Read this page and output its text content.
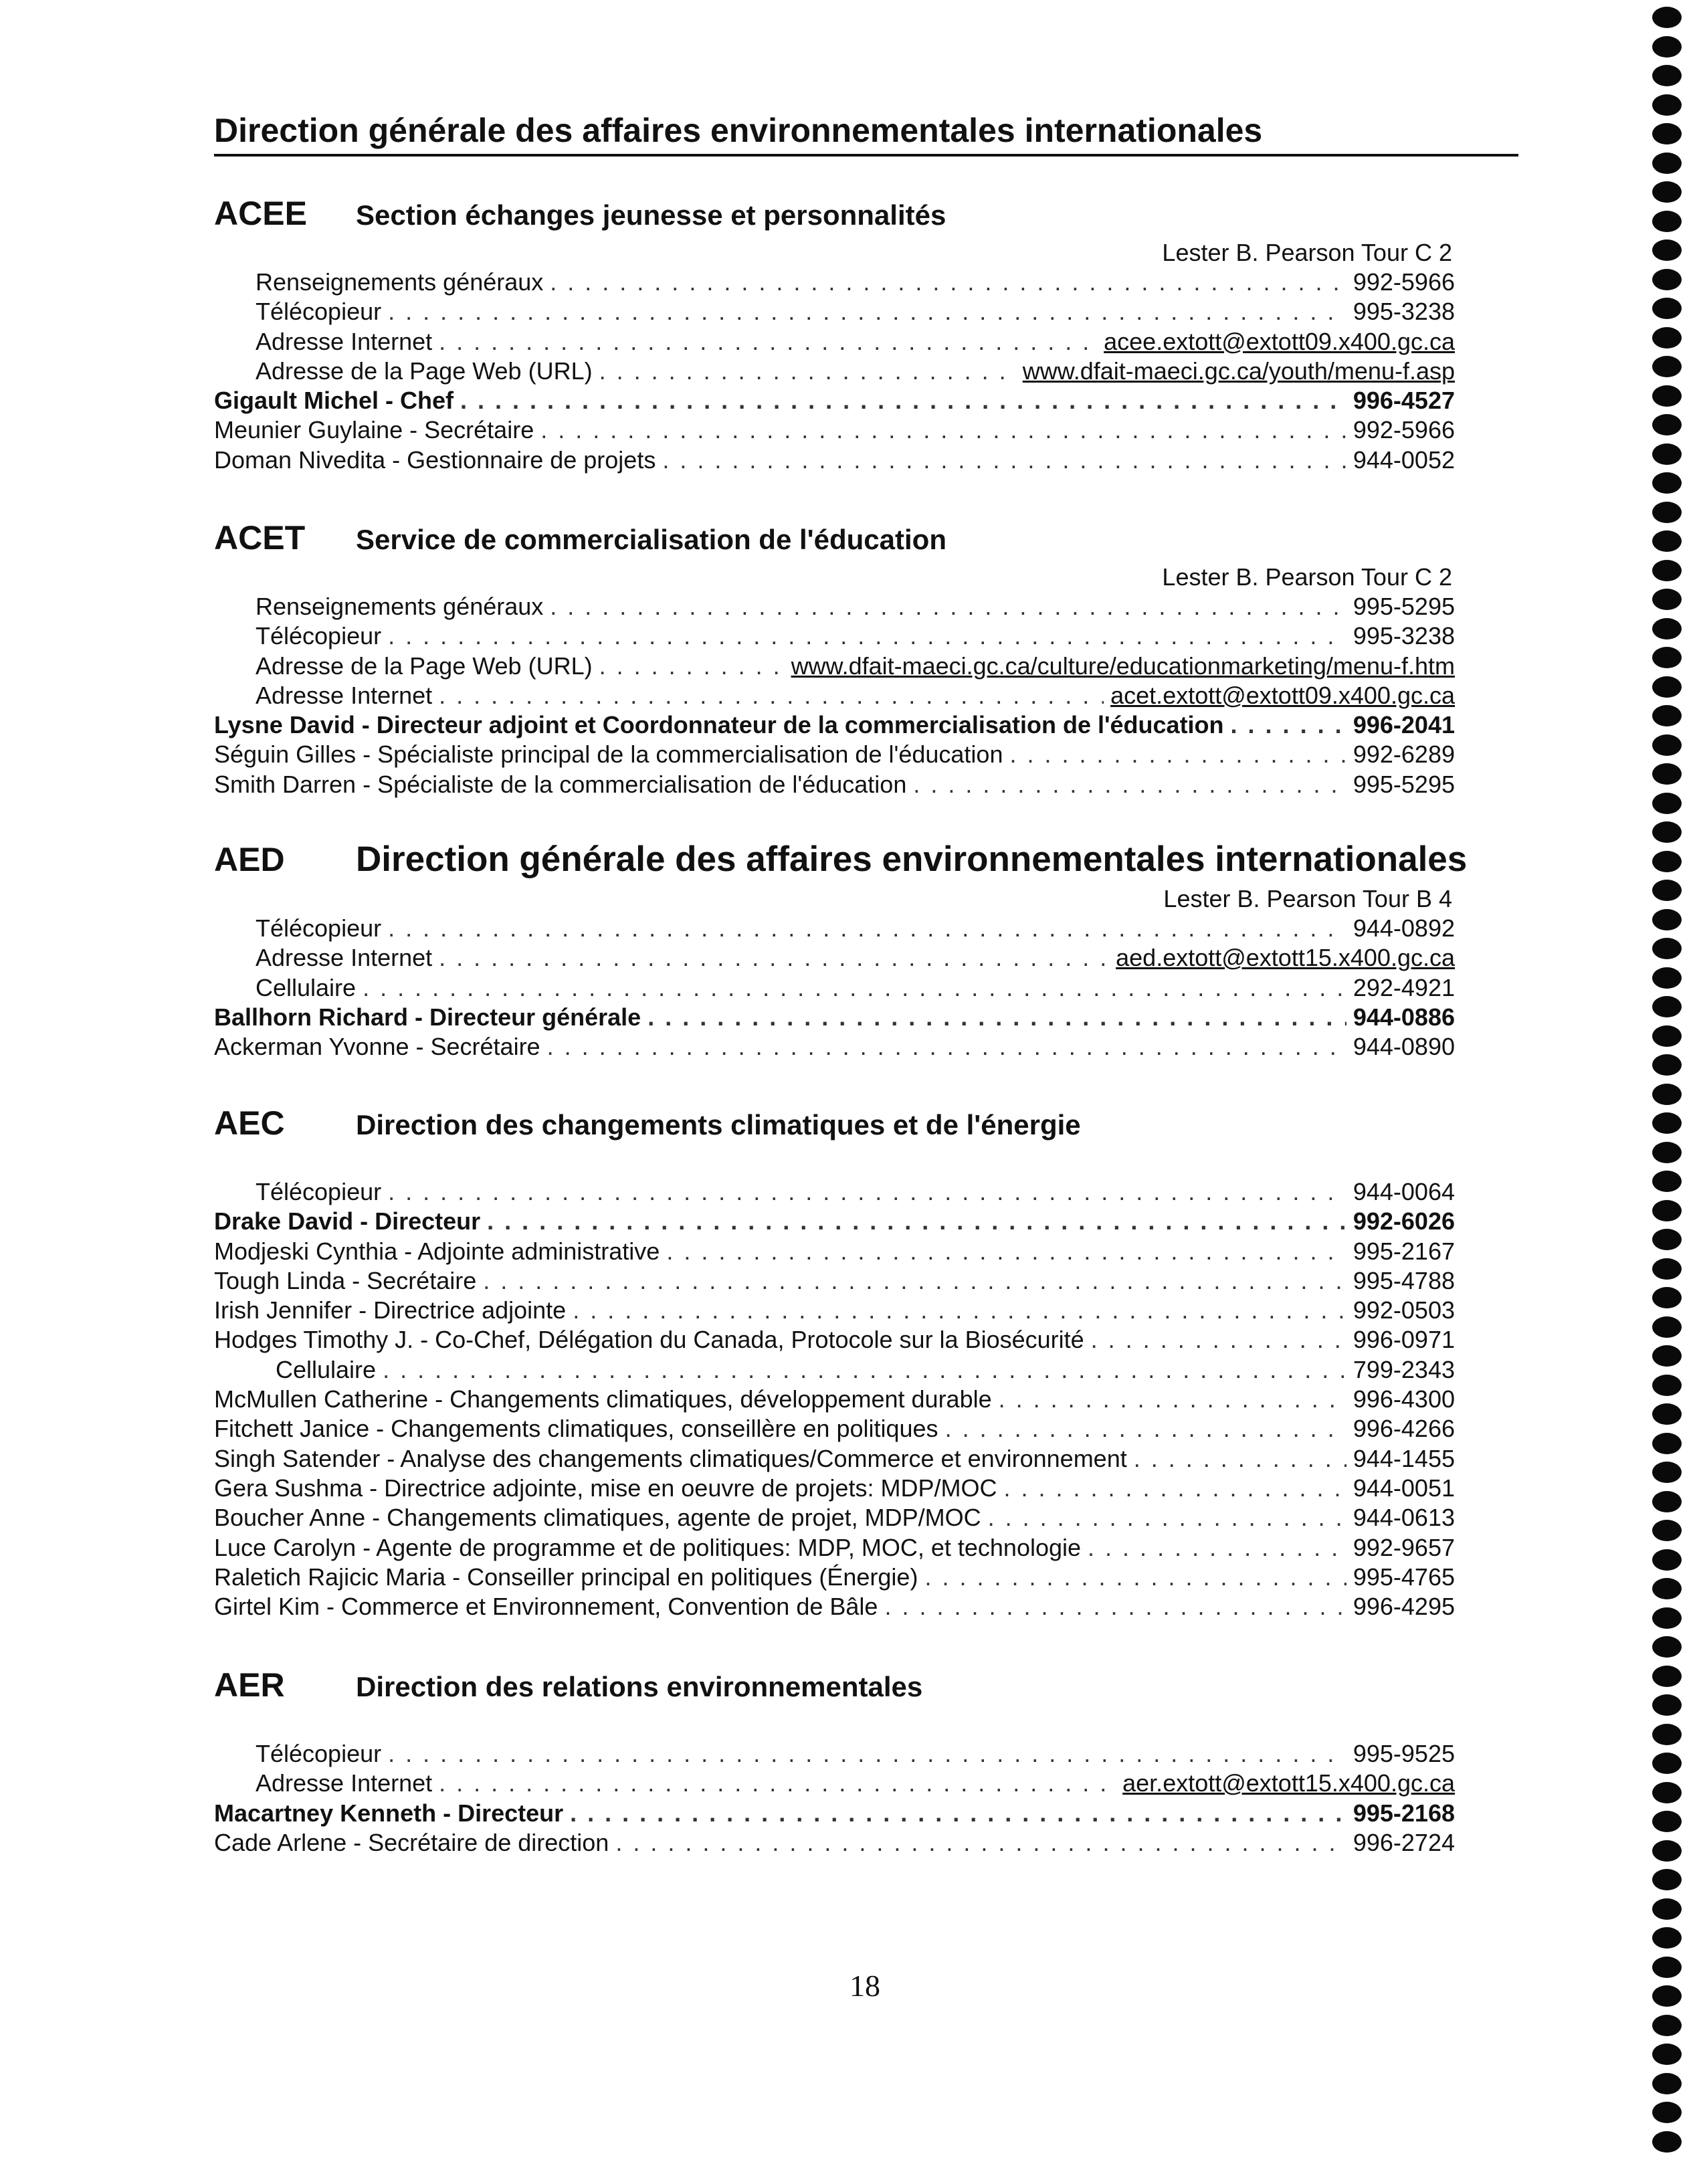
Direction générale des affaires environnementales internationales
ACEE Section échanges jeunesse et personnalités
Lester B. Pearson Tour C 2
Renseignements généraux . . .	992-5966
Télécopieur . . .	995-3238
Adresse Internet . . .	acee.extott@extott09.x400.gc.ca
Adresse de la Page Web (URL) . . .	www.dfait-maeci.gc.ca/youth/menu-f.asp
Gigault Michel - Chef . . .	996-4527
Meunier Guylaine - Secrétaire . . .	992-5966
Doman Nivedita - Gestionnaire de projets . . .	944-0052
ACET Service de commercialisation de l'éducation
Lester B. Pearson Tour C 2
Renseignements généraux . . .	995-5295
Télécopieur . . .	995-3238
Adresse de la Page Web (URL) . . .	www.dfait-maeci.gc.ca/culture/educationmarketing/menu-f.htm
Adresse Internet . . .	acet.extott@extott09.x400.gc.ca
Lysne David - Directeur adjoint et Coordonnateur de la commercialisation de l'éducation . . .	996-2041
Séguin Gilles - Spécialiste principal de la commercialisation de l'éducation . . .	992-6289
Smith Darren - Spécialiste de la commercialisation de l'éducation . . .	995-5295
AED Direction générale des affaires environnementales internationales
Lester B. Pearson Tour B 4
Télécopieur . . .	944-0892
Adresse Internet . . .	aed.extott@extott15.x400.gc.ca
Cellulaire . . .	292-4921
Ballhorn Richard - Directeur générale . . .	944-0886
Ackerman Yvonne - Secrétaire . . .	944-0890
AEC	Direction des changements climatiques et de l'énergie
Télécopieur . . .	944-0064
Drake David - Directeur . . .	992-6026
Modjeski Cynthia - Adjointe administrative . . .	995-2167
Tough Linda - Secrétaire . . .	995-4788
Irish Jennifer - Directrice adjointe . . .	992-0503
Hodges Timothy J. - Co-Chef, Délégation du Canada, Protocole sur la Biosécurité . . .	996-0971
Cellulaire . . .	799-2343
McMullen Catherine - Changements climatiques, développement durable . . .	996-4300
Fitchett Janice - Changements climatiques, conseillère en politiques . . .	996-4266
Singh Satender - Analyse des changements climatiques/Commerce et environnement . . .	944-1455
Gera Sushma - Directrice adjointe, mise en oeuvre de projets: MDP/MOC . . .	944-0051
Boucher Anne - Changements climatiques, agente de projet, MDP/MOC . . .	944-0613
Luce Carolyn - Agente de programme et de politiques: MDP, MOC, et technologie . . .	992-9657
Raletich Rajicic Maria - Conseiller principal en politiques (Énergie) . . .	995-4765
Girtel Kim - Commerce et Environnement, Convention de Bâle . . .	996-4295
AER	Direction des relations environnementales
Télécopieur . . .	995-9525
Adresse Internet . . .	aer.extott@extott15.x400.gc.ca
Macartney Kenneth - Directeur . . .	995-2168
Cade Arlene - Secrétaire de direction . . .	996-2724
18
